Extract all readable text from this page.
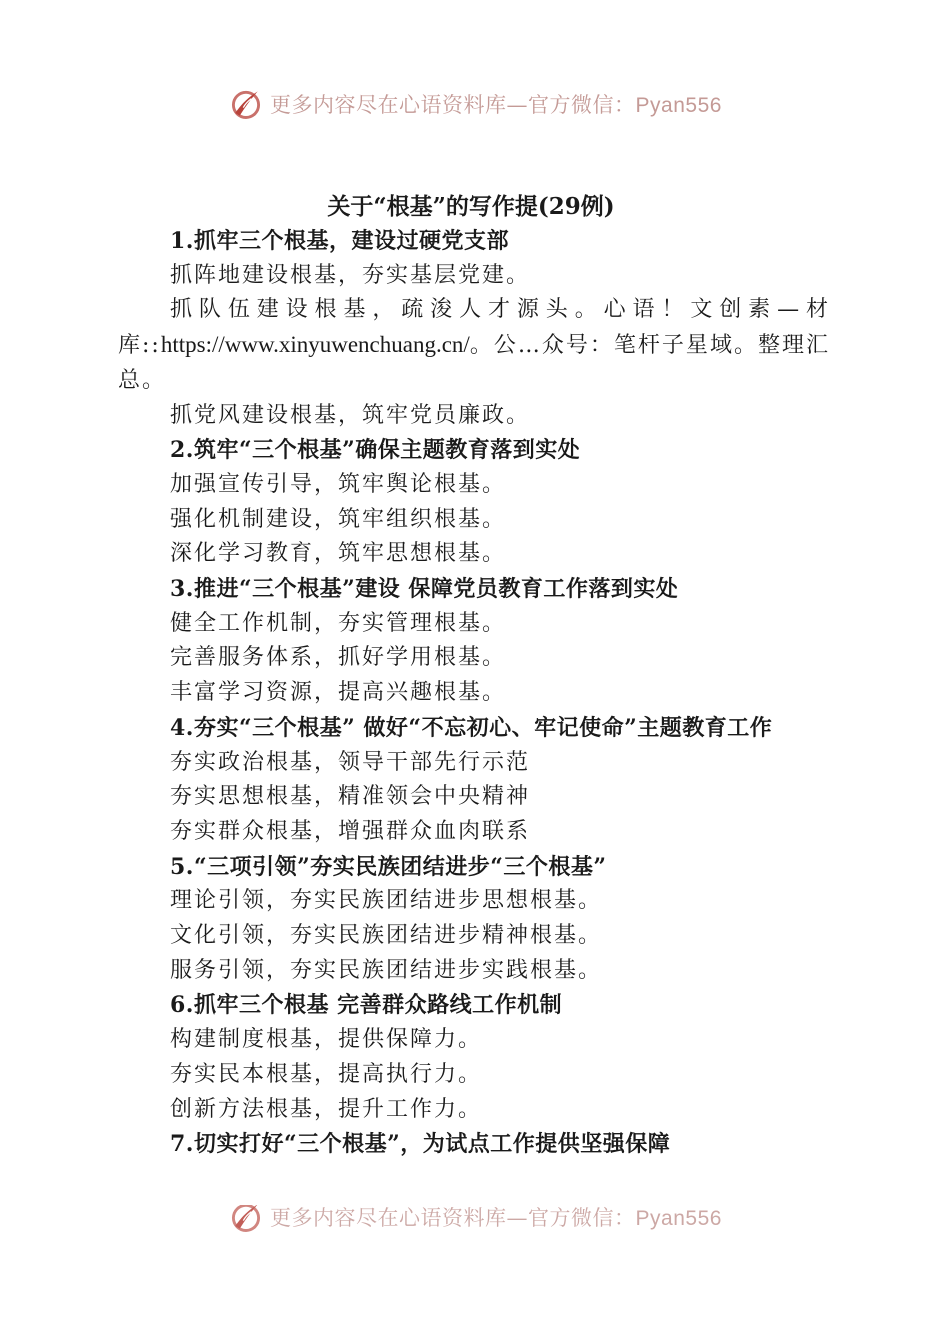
更多内容尽在心语资料库—官方微信：Pyan556
关于“根基”的写作提(29例)
1.抓牢三个根基，建设过硬党支部
抓阵地建设根基，夯实基层党建。
抓队伍建设根基，疏浚人才源头。心语！文创素—材库::https://www.xinyuwenchuang.cn/。公…众号：笔杆子星域。整理汇总。
抓党风建设根基，筑牢党员廉政。
2.筑牢“三个根基”确保主题教育落到实处
加强宣传引导，筑牢舆论根基。
强化机制建设，筑牢组织根基。
深化学习教育，筑牢思想根基。
3.推进“三个根基”建设 保障党员教育工作落到实处
健全工作机制，夯实管理根基。
完善服务体系，抓好学用根基。
丰富学习资源，提高兴趣根基。
4.夯实“三个根基” 做好“不忘初心、牢记使命”主题教育工作
夯实政治根基，领导干部先行示范
夯实思想根基，精准领会中央精神
夯实群众根基，增强群众血肉联系
5.“三项引领”夯实民族团结进步“三个根基”
理论引领，夯实民族团结进步思想根基。
文化引领，夯实民族团结进步精神根基。
服务引领，夯实民族团结进步实践根基。
6.抓牢三个根基 完善群众路线工作机制
构建制度根基，提供保障力。
夯实民本根基，提高执行力。
创新方法根基，提升工作力。
7.切实打好“三个根基”，为试点工作提供坚强保障
更多内容尽在心语资料库—官方微信：Pyan556
